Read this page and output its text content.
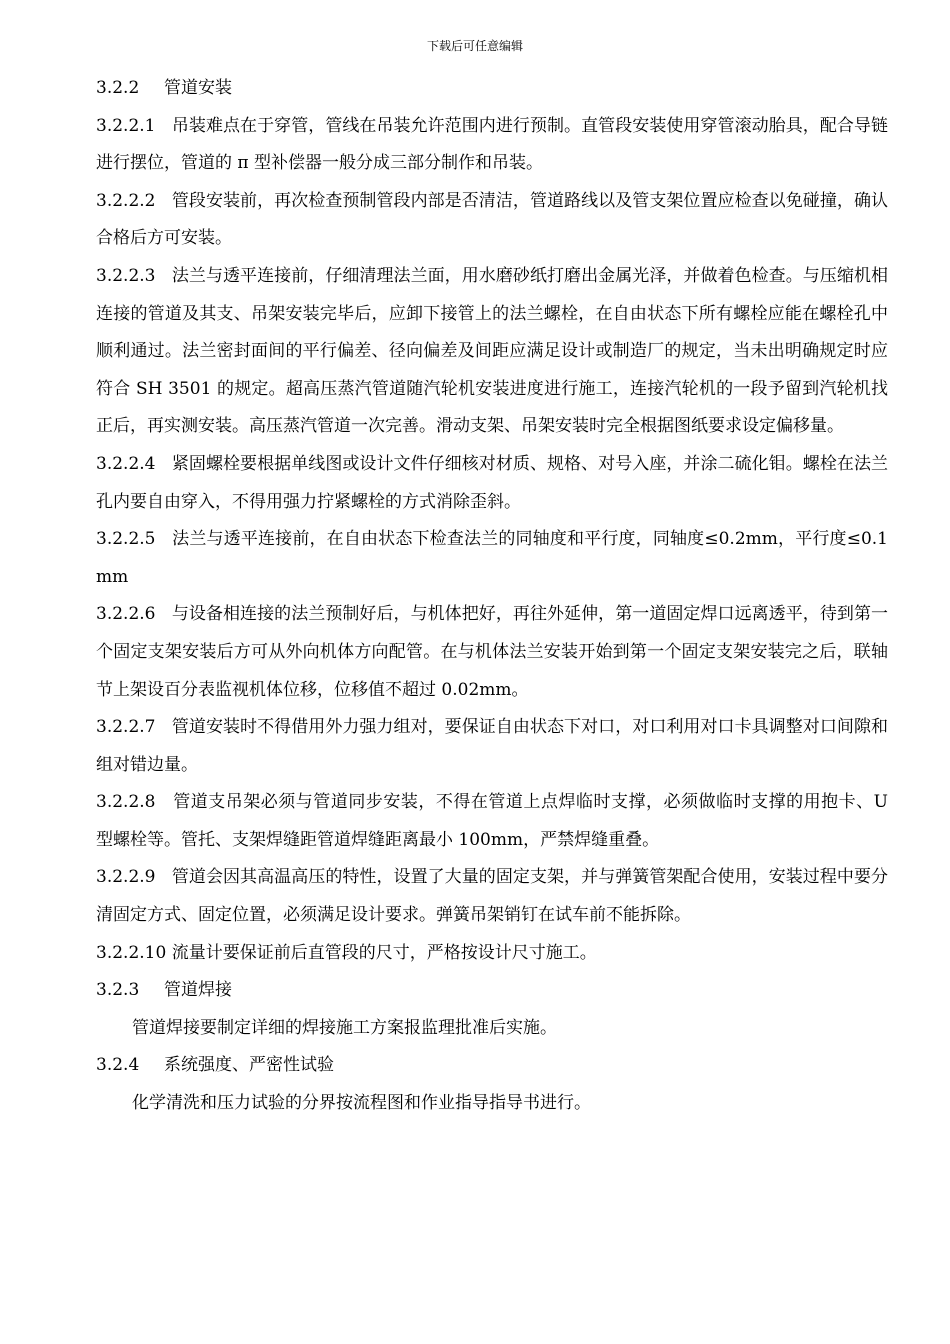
下载后可任意编辑

3.2.2 管道安装

3.2.2.1   吊装难点在于穿管，管线在吊装允许范围内进行预制。直管段安装使用穿管滚动胎具，配合导链进行摆位，管道的 π 型补偿器一般分成三部分制作和吊装。

3.2.2.2   管段安装前，再次检查预制管段内部是否清洁，管道路线以及管支架位置应检查以免碰撞，确认合格后方可安装。

3.2.2.3   法兰与透平连接前，仔细清理法兰面，用水磨砂纸打磨出金属光泽，并做着色检查。与压缩机相连接的管道及其支、吊架安装完毕后，应卸下接管上的法兰螺栓，在自由状态下所有螺栓应能在螺栓孔中顺利通过。法兰密封面间的平行偏差、径向偏差及间距应满足设计或制造厂的规定，当未出明确规定时应符合 SH 3501 的规定。超高压蒸汽管道随汽轮机安装进度进行施工，连接汽轮机的一段予留到汽轮机找正后，再实测安装。高压蒸汽管道一次完善。滑动支架、吊架安装时完全根据图纸要求设定偏移量。

3.2.2.4   紧固螺栓要根据单线图或设计文件仔细核对材质、规格、对号入座，并涂二硫化钼。螺栓在法兰孔内要自由穿入，不得用强力拧紧螺栓的方式消除歪斜。

3.2.2.5   法兰与透平连接前，在自由状态下检查法兰的同轴度和平行度，同轴度≤0.2mm，平行度≤0.1mm

3.2.2.6   与设备相连接的法兰预制好后，与机体把好，再往外延伸，第一道固定焊口远离透平，待到第一个固定支架安装后方可从外向机体方向配管。在与机体法兰安装开始到第一个固定支架安装完之后，联轴节上架设百分表监视机体位移，位移值不超过 0.02mm。

3.2.2.7   管道安装时不得借用外力强力组对，要保证自由状态下对口，对口利用对口卡具调整对口间隙和组对错边量。

3.2.2.8   管道支吊架必须与管道同步安装，不得在管道上点焊临时支撑，必须做临时支撑的用抱卡、U 型螺栓等。管托、支架焊缝距管道焊缝距离最小 100mm，严禁焊缝重叠。

3.2.2.9   管道会因其高温高压的特性，设置了大量的固定支架，并与弹簧管架配合使用，安装过程中要分清固定方式、固定位置，必须满足设计要求。弹簧吊架销钉在试车前不能拆除。

3.2.2.10 流量计要保证前后直管段的尺寸，严格按设计尺寸施工。

3.2.3 管道焊接

管道焊接要制定详细的焊接施工方案报监理批准后实施。

3.2.4 系统强度、严密性试验

化学清洗和压力试验的分界按流程图和作业指导指导书进行。
